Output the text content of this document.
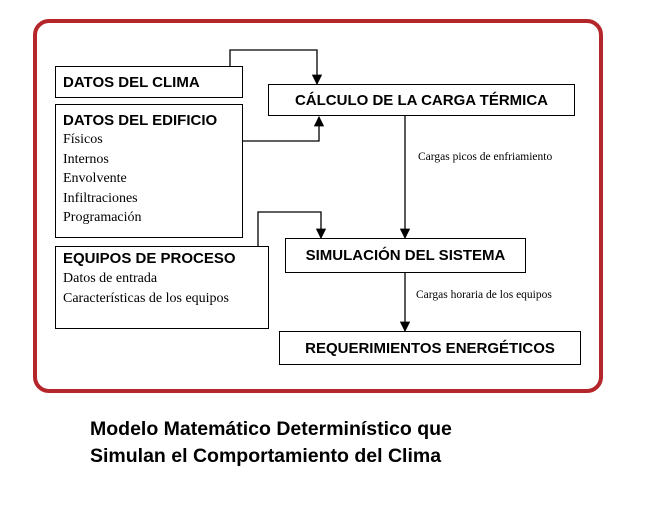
DATOS DEL CLIMA
DATOS DEL EDIFICIO
Físicos
Internos
Envolvente
Infiltraciones
Programación
EQUIPOS DE PROCESO
Datos de entrada
Características de los equipos
CÁLCULO DE LA CARGA TÉRMICA
SIMULACIÓN DEL SISTEMA
REQUERIMIENTOS ENERGÉTICOS
Cargas picos de enfriamiento
Cargas horaria de los equipos
Modelo Matemático Determinístico que
Simulan el Comportamiento del Clima
